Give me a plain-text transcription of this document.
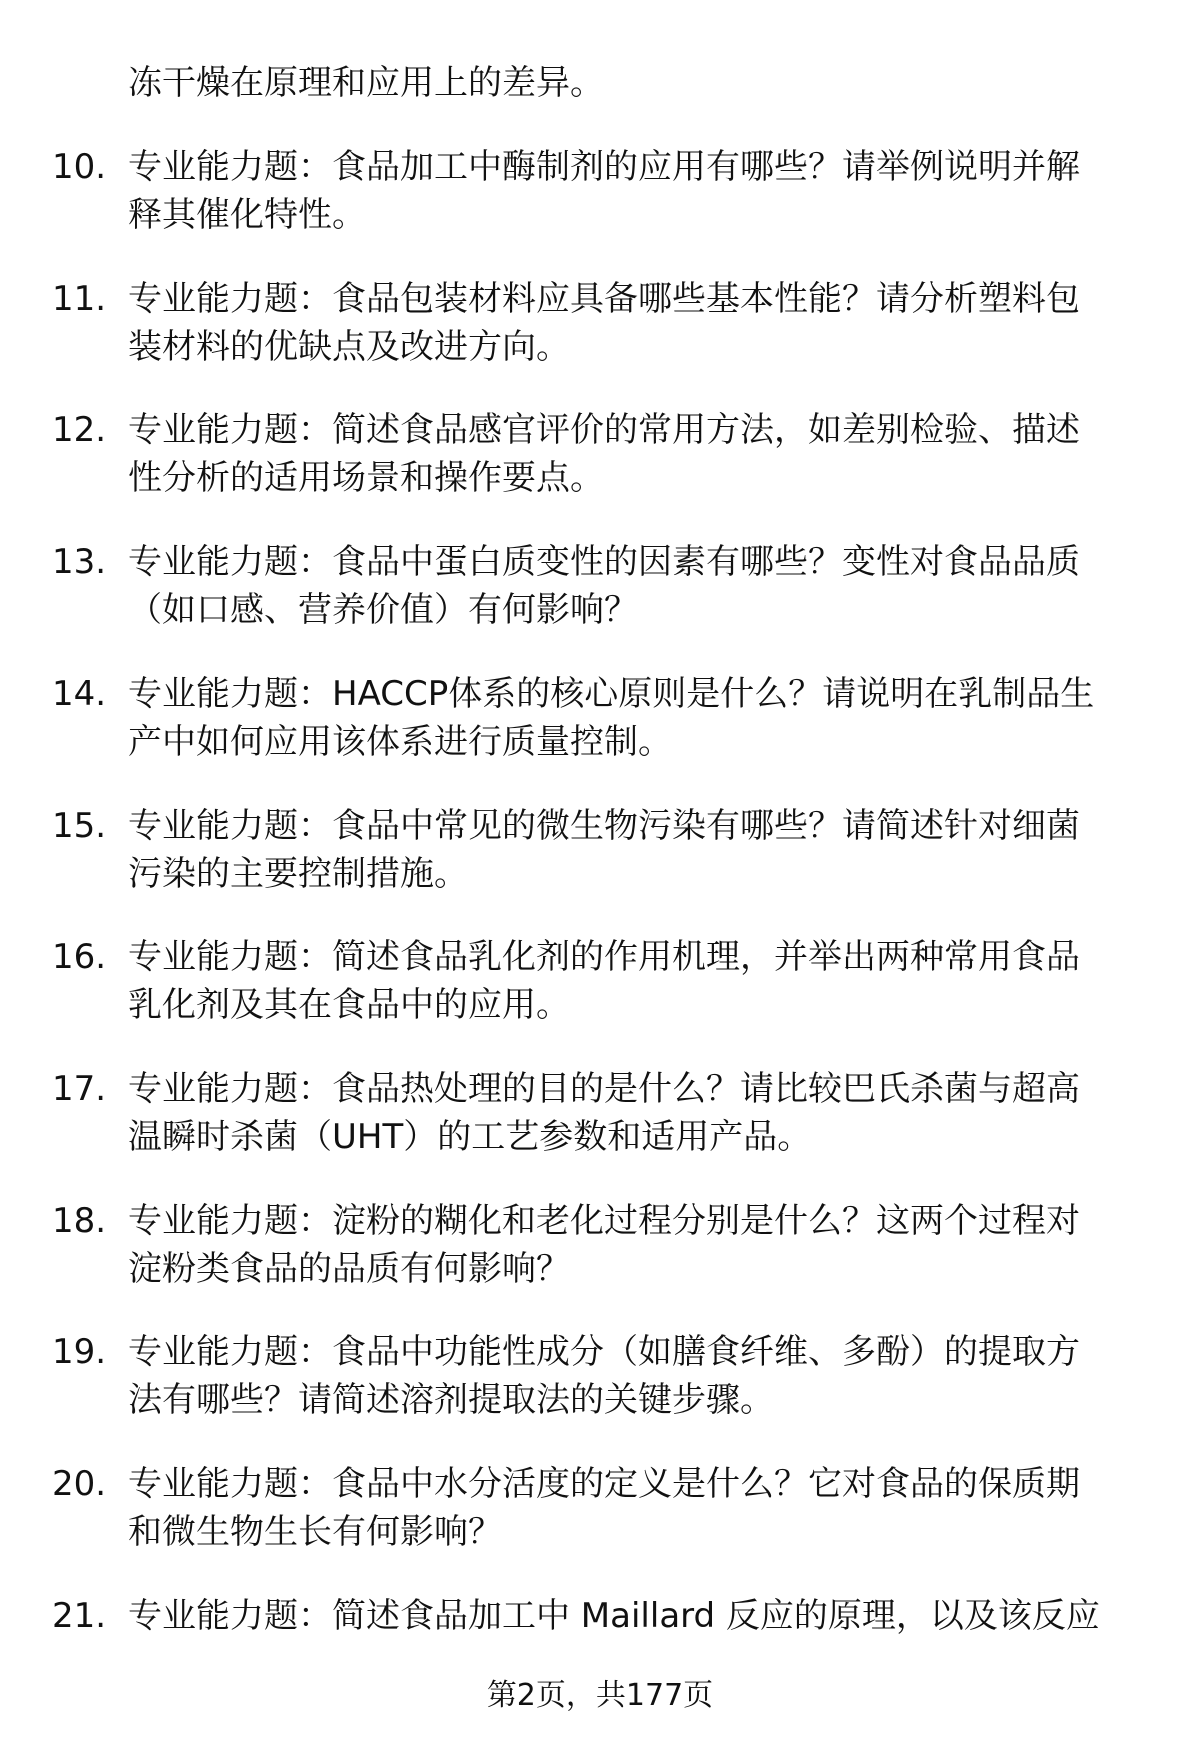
冻干燥在原理和应用上的差异。
10. 专业能力题：食品加工中酶制剂的应用有哪些？请举例说明并解
释其催化特性。
11. 专业能力题：食品包装材料应具备哪些基本性能？请分析塑料包
装材料的优缺点及改进方向。
12. 专业能力题：简述食品感官评价的常用方法，如差别检验、描述
性分析的适用场景和操作要点。
13. 专业能力题：食品中蛋白质变性的因素有哪些？变性对食品品质
（如口感、营养价值）有何影响？
14. 专业能力题：HACCP体系的核心原则是什么？请说明在乳制品生
产中如何应用该体系进行质量控制。
15. 专业能力题：食品中常见的微生物污染有哪些？请简述针对细菌
污染的主要控制措施。
16. 专业能力题：简述食品乳化剂的作用机理，并举出两种常用食品
乳化剂及其在食品中的应用。
17. 专业能力题：食品热处理的目的是什么？请比较巴氏杀菌与超高
温瞬时杀菌（UHT）的工艺参数和适用产品。
18. 专业能力题：淀粉的糊化和老化过程分别是什么？这两个过程对
淀粉类食品的品质有何影响？
19. 专业能力题：食品中功能性成分（如膳食纤维、多酚）的提取方
法有哪些？请简述溶剂提取法的关键步骤。
20. 专业能力题：食品中水分活度的定义是什么？它对食品的保质期
和微生物生长有何影响？
21. 专业能力题：简述食品加工中 Maillard 反应的原理，以及该反应
第2页，共177页
